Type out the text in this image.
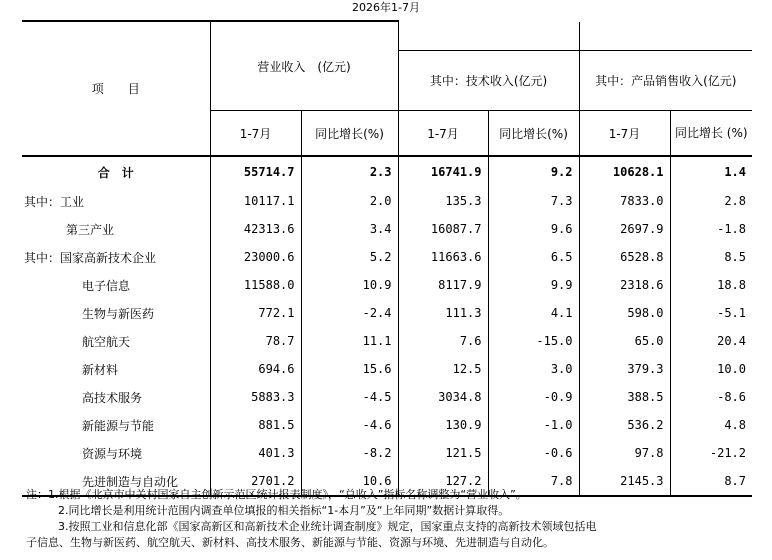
2026年1-7月
项　　目	营业收入　(亿元)					
			其中：技术收入(亿元)		其中：产品销售收入(亿元)	
	1-7月	同比增长(%)	1-7月	同比增长(%)	1-7月	同比增长 (%)
合　计	55714.7	2.3	16741.9	9.2	10628.1	1.4
其中：工业	10117.1	2.0	135.3	7.3	7833.0	2.8
第三产业	42313.6	3.4	16087.7	9.6	2697.9	-1.8
其中：国家高新技术企业	23000.6	5.2	11663.6	6.5	6528.8	8.5
电子信息	11588.0	10.9	8117.9	9.9	2318.6	18.8
生物与新医药	772.1	-2.4	111.3	4.1	598.0	-5.1
航空航天	78.7	11.1	7.6	-15.0	65.0	20.4
新材料	694.6	15.6	12.5	3.0	379.3	10.0
高技术服务	5883.3	-4.5	3034.8	-0.9	388.5	-8.6
新能源与节能	881.5	-4.6	130.9	-1.0	536.2	4.8
资源与环境	401.3	-8.2	121.5	-0.6	97.8	-21.2
先进制造与自动化	2701.2	10.6	127.2	7.8	2145.3	8.7
注：1.根据《北京市中关村国家自主创新示范区统计报表制度》，“总收入”指标名称调整为“营业收入”。
2.同比增长是利用统计范围内调查单位填报的相关指标“1-本月”及“上年同期”数据计算取得。
3.按照工业和信息化部《国家高新区和高新技术企业统计调查制度》规定，国家重点支持的高新技术领域包括电
子信息、生物与新医药、航空航天、新材料、高技术服务、新能源与节能、资源与环境、先进制造与自动化。
